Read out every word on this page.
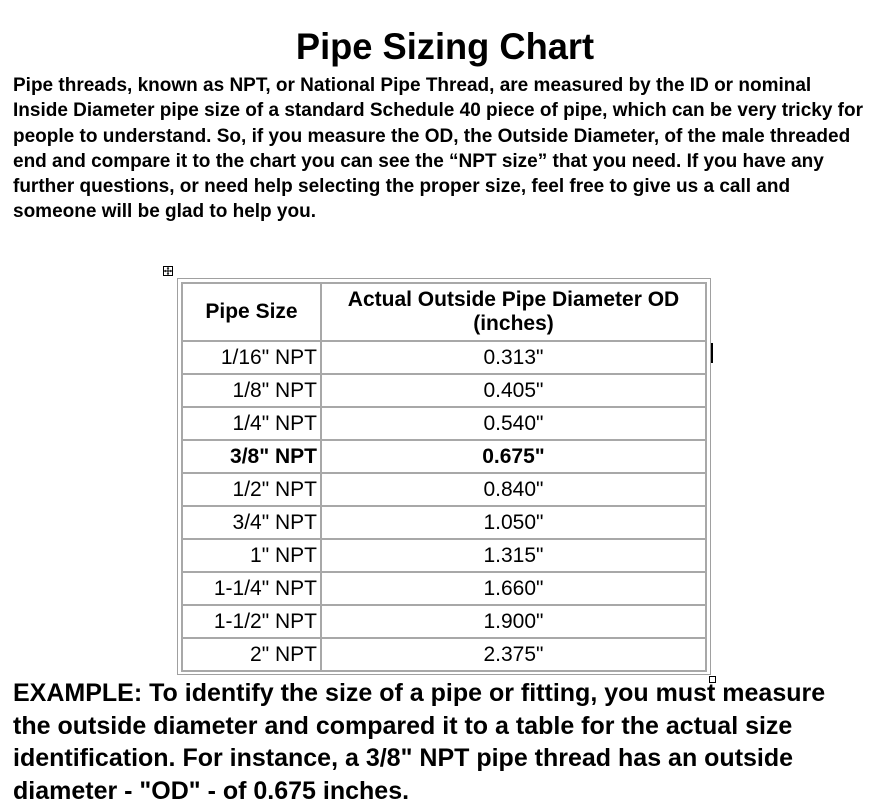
Pipe Sizing Chart

Pipe threads, known as NPT, or National Pipe Thread, are measured by the ID or nominal Inside Diameter pipe size of a standard Schedule 40 piece of pipe, which can be very tricky for people to understand. So, if you measure the OD, the Outside Diameter, of the male threaded end and compare it to the chart you can see the “NPT size” that you need. If you have any further questions, or need help selecting the proper size, feel free to give us a call and someone will be glad to help you.

Pipe Size	Actual Outside Pipe Diameter OD (inches)
1/16" NPT	0.313"
1/8" NPT	0.405"
1/4" NPT	0.540"
3/8" NPT	0.675"
1/2" NPT	0.840"
3/4" NPT	1.050"
1" NPT	1.315"
1-1/4" NPT	1.660"
1-1/2" NPT	1.900"
2" NPT	2.375"

EXAMPLE: To identify the size of a pipe or fitting, you must measure the outside diameter and compared it to a table for the actual size identification. For instance, a 3/8" NPT pipe thread has an outside diameter - "OD" - of 0.675 inches.
